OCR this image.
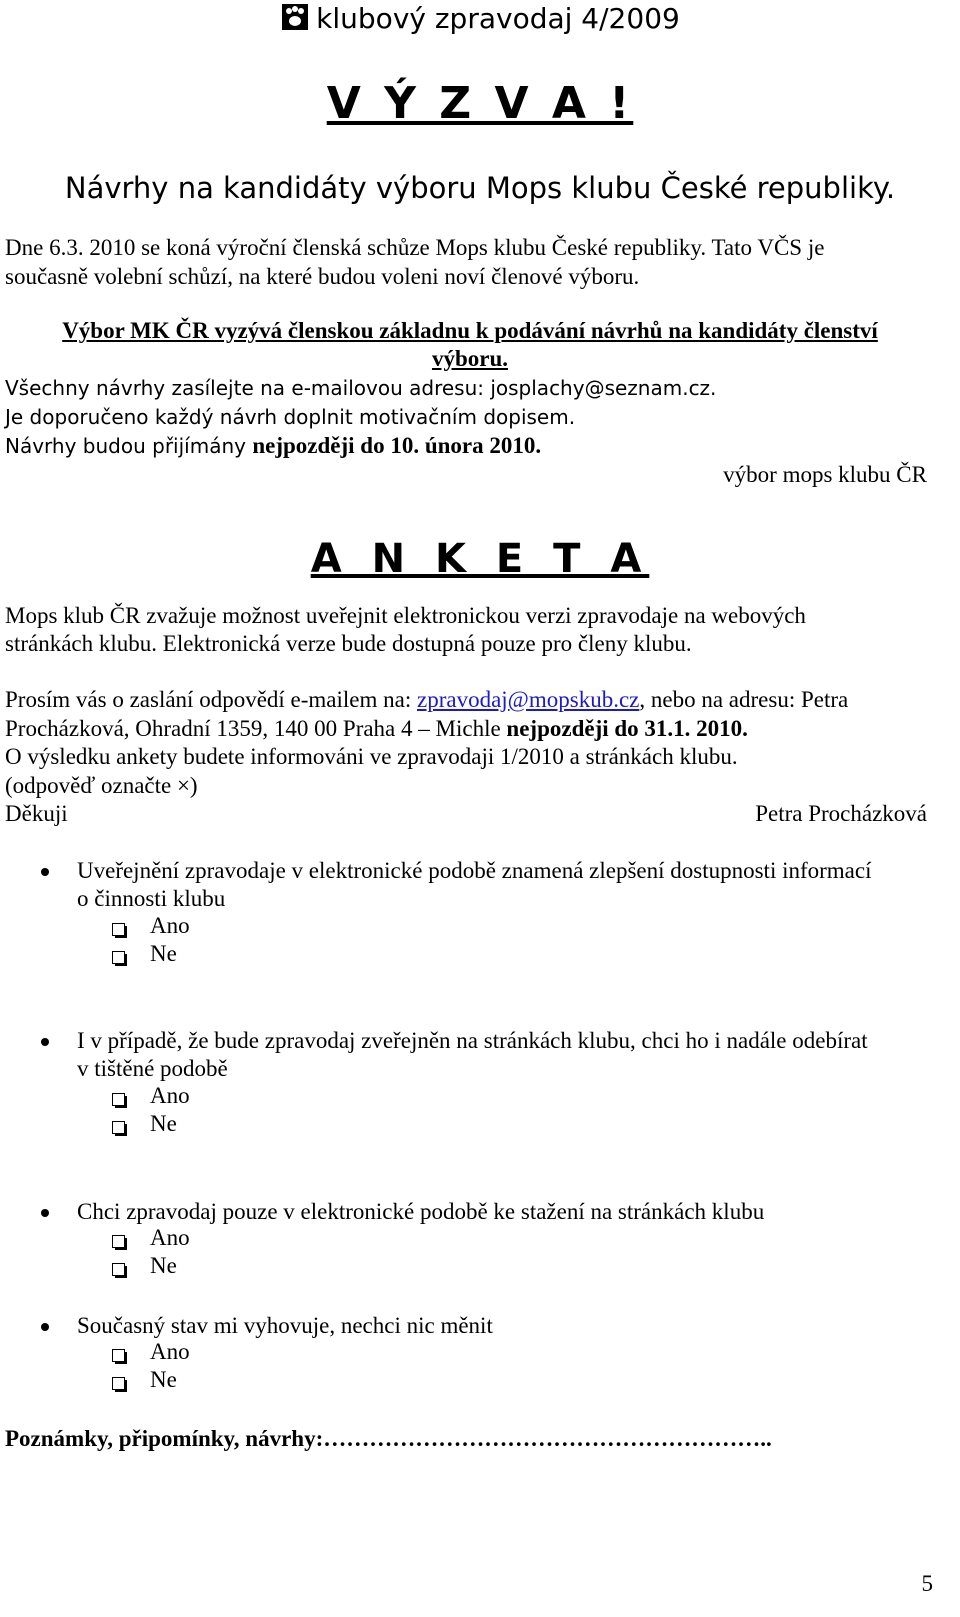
klubový zpravodaj 4/2009
V Ý Z V A !
Návrhy na kandidáty výboru Mops klubu České republiky.
Dne 6.3. 2010 se koná výroční členská schůze Mops klubu České republiky. Tato VČS je
současně volební schůzí, na které budou voleni noví členové výboru.
Výbor MK ČR vyzývá členskou základnu k podávání návrhů na kandidáty členství
výboru.
Všechny návrhy zasílejte na e-mailovou adresu: josplachy@seznam.cz.
Je doporučeno každý návrh doplnit motivačním dopisem.
Návrhy budou přijímány nejpozději do 10. února 2010.
výbor mops klubu ČR
A N K E T A
Mops klub ČR zvažuje možnost uveřejnit elektronickou verzi zpravodaje na webových
stránkách klubu. Elektronická verze bude dostupná pouze pro členy klubu.
Prosím vás o zaslání odpovědí e-mailem na: zpravodaj@mopskub.cz, nebo na adresu: Petra
Procházková, Ohradní 1359, 140 00 Praha 4 – Michle nejpozději do 31.1. 2010.
O výsledku ankety budete informováni ve zpravodaji 1/2010 a stránkách klubu.
(odpověď označte ×)
Děkuji	Petra Procházková
Uveřejnění zpravodaje v elektronické podobě znamená zlepšení dostupnosti informací
o činnosti klubu
Ano
Ne
I v případě, že bude zpravodaj zveřejněn na stránkách klubu, chci ho i nadále odebírat
v tištěné podobě
Ano
Ne
Chci zpravodaj pouze v elektronické podobě ke stažení na stránkách klubu
Ano
Ne
Současný stav mi vyhovuje, nechci nic měnit
Ano
Ne
Poznámky, připomínky, návrhy:…………………………………………………..
5
